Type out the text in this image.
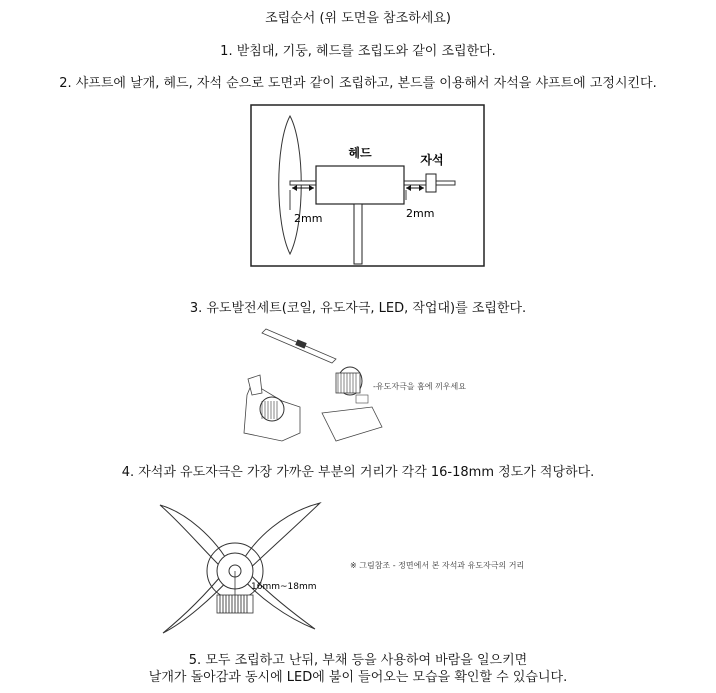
조립순서 (위 도면을 참조하세요)
1. 받침대, 기둥, 헤드를 조립도와 같이 조립한다.
2. 샤프트에 날개, 헤드, 자석 순으로 도면과 같이 조립하고, 본드를 이용해서 자석을 샤프트에 고정시킨다.
헤드	자석
2mm	2mm
3. 유도발전세트(코일, 유도자극, LED, 작업대)를 조립한다.
-유도자극을 홈에 끼우세요
4. 자석과 유도자극은 가장 가까운 부분의 거리가 각각 16-18mm 정도가 적당하다.
16mm~18mm
※ 그림참조 - 정면에서 본 자석과 유도자극의 거리
5. 모두 조립하고 난뒤, 부채 등을 사용하여 바람을 일으키면
날개가 돌아감과 동시에 LED에 불이 들어오는 모습을 확인할 수 있습니다.
